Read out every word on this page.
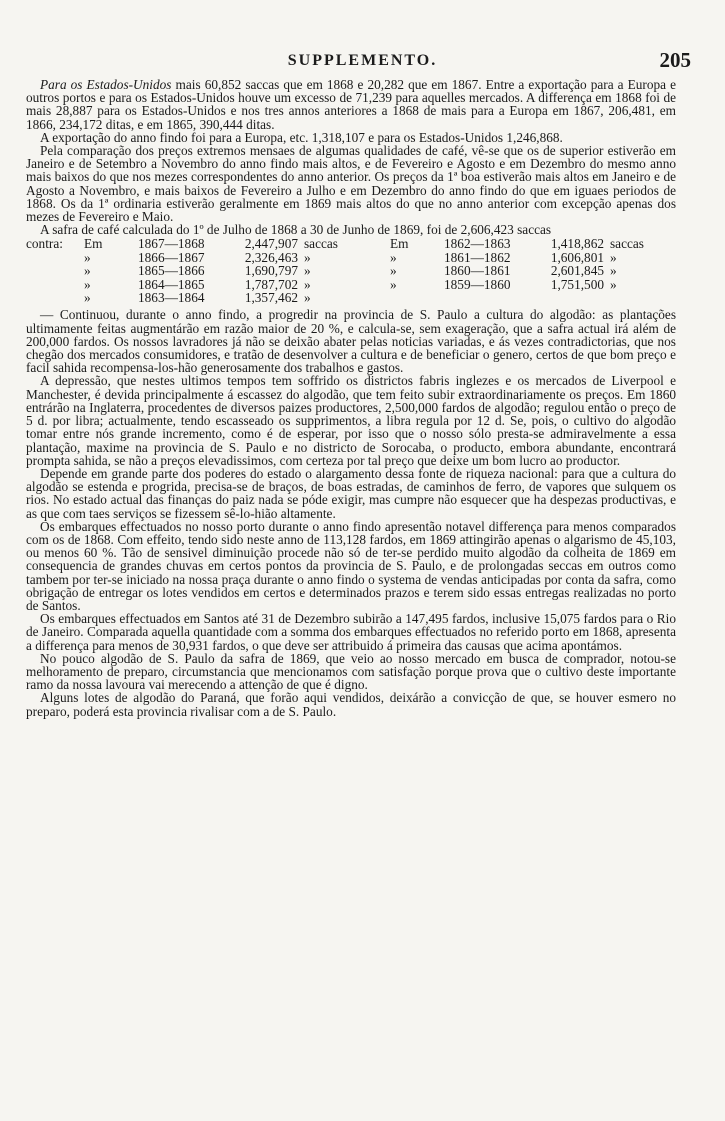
SUPPLEMENTO.	205

Para os Estados-Unidos mais 60,852 saccas que em 1868 e 20,282 que em 1867. Entre a exportação para a Europa e outros portos e para os Estados-Unidos houve um excesso de 71,239 para aquelles mercados. A differença em 1868 foi de mais 28,887 para os Estados-Unidos e nos tres annos anteriores a 1868 de mais para a Europa em 1867, 206,481, em 1866, 234,172 ditas, e em 1865, 390,444 ditas.

A exportação do anno findo foi para a Europa, etc. 1,318,107 e para os Estados-Unidos 1,246,868.

Pela comparação dos preços extremos mensaes de algumas qualidades de café, vê-se que os de superior estiverão em Janeiro e de Setembro a Novembro do anno findo mais altos, e de Fevereiro e Agosto e em Dezembro do mesmo anno mais baixos do que nos mezes correspondentes do anno anterior. Os preços da 1ª boa estiverão mais altos em Janeiro e de Agosto a Novembro, e mais baixos de Fevereiro a Julho e em Dezembro do anno findo do que em iguaes periodos de 1868. Os da 1ª ordinaria estiverão geralmente em 1869 mais altos do que no anno anterior com excepção apenas dos mezes de Fevereiro e Maio.

A safra de café calculada do 1º de Julho de 1868 a 30 de Junho de 1869, foi de 2,606,423 saccas

contra:	Em	1867—1868	2,447,907	saccas		Em	1862—1863	1,418,862	saccas
	»	1866—1867	2,326,463	»		»	1861—1862	1,606,801	»
	»	1865—1866	1,690,797	»		»	1860—1861	2,601,845	»
	»	1864—1865	1,787,702	»		»	1859—1860	1,751,500	»
	»	1863—1864	1,357,462	»					

— Continuou, durante o anno findo, a progredir na provincia de S. Paulo a cultura do algodão: as plantações ultimamente feitas augmentárão em razão maior de 20 %, e calcula-se, sem exageração, que a safra actual irá além de 200,000 fardos. Os nossos lavradores já não se deixão abater pelas noticias variadas, e ás vezes contradictorias, que nos chegão dos mercados consumidores, e tratão de desenvolver a cultura e de beneficiar o genero, certos de que bom preço e facil sahida recompensa-los-hão generosamente dos trabalhos e gastos.

A depressão, que nestes ultimos tempos tem soffrido os districtos fabris inglezes e os mercados de Liverpool e Manchester, é devida principalmente á escassez do algodão, que tem feito subir extraordinariamente os preços. Em 1860 entrárão na Inglaterra, procedentes de diversos paizes productores, 2,500,000 fardos de algodão; regulou então o preço de 5 d. por libra; actualmente, tendo escasseado os supprimentos, a libra regula por 12 d. Se, pois, o cultivo do algodão tomar entre nós grande incremento, como é de esperar, por isso que o nosso sólo presta-se admiravelmente a essa plantação, maxime na provincia de S. Paulo e no districto de Sorocaba, o producto, embora abundante, encontrará prompta sahida, se não a preços elevadissimos, com certeza por tal preço que deixe um bom lucro ao productor.

Depende em grande parte dos poderes do estado o alargamento dessa fonte de riqueza nacional: para que a cultura do algodão se estenda e progrida, precisa-se de braços, de boas estradas, de caminhos de ferro, de vapores que sulquem os rios. No estado actual das finanças do paiz nada se póde exigir, mas cumpre não esquecer que ha despezas productivas, e as que com taes serviços se fizessem sê-lo-hião altamente.

Os embarques effectuados no nosso porto durante o anno findo apresentão notavel differença para menos comparados com os de 1868. Com effeito, tendo sido neste anno de 113,128 fardos, em 1869 attingirão apenas o algarismo de 45,103, ou menos 60 %. Tão de sensivel diminuição procede não só de ter-se perdido muito algodão da colheita de 1869 em consequencia de grandes chuvas em certos pontos da provincia de S. Paulo, e de prolongadas seccas em outros como tambem por ter-se iniciado na nossa praça durante o anno findo o systema de vendas anticipadas por conta da safra, como obrigação de entregar os lotes vendidos em certos e determinados prazos e terem sido essas entregas realizadas no porto de Santos.

Os embarques effectuados em Santos até 31 de Dezembro subirão a 147,495 fardos, inclusive 15,075 fardos para o Rio de Janeiro. Comparada aquella quantidade com a somma dos embarques effectuados no referido porto em 1868, apresenta a differença para menos de 30,931 fardos, o que deve ser attribuido á primeira das causas que acima apontámos.

No pouco algodão de S. Paulo da safra de 1869, que veio ao nosso mercado em busca de comprador, notou-se melhoramento de preparo, circumstancia que mencionamos com satisfação porque prova que o cultivo deste importante ramo da nossa lavoura vai merecendo a attenção de que é digno.

Alguns lotes de algodão do Paraná, que forão aqui vendidos, deixárão a convicção de que, se houver esmero no preparo, poderá esta provincia rivalisar com a de S. Paulo.
